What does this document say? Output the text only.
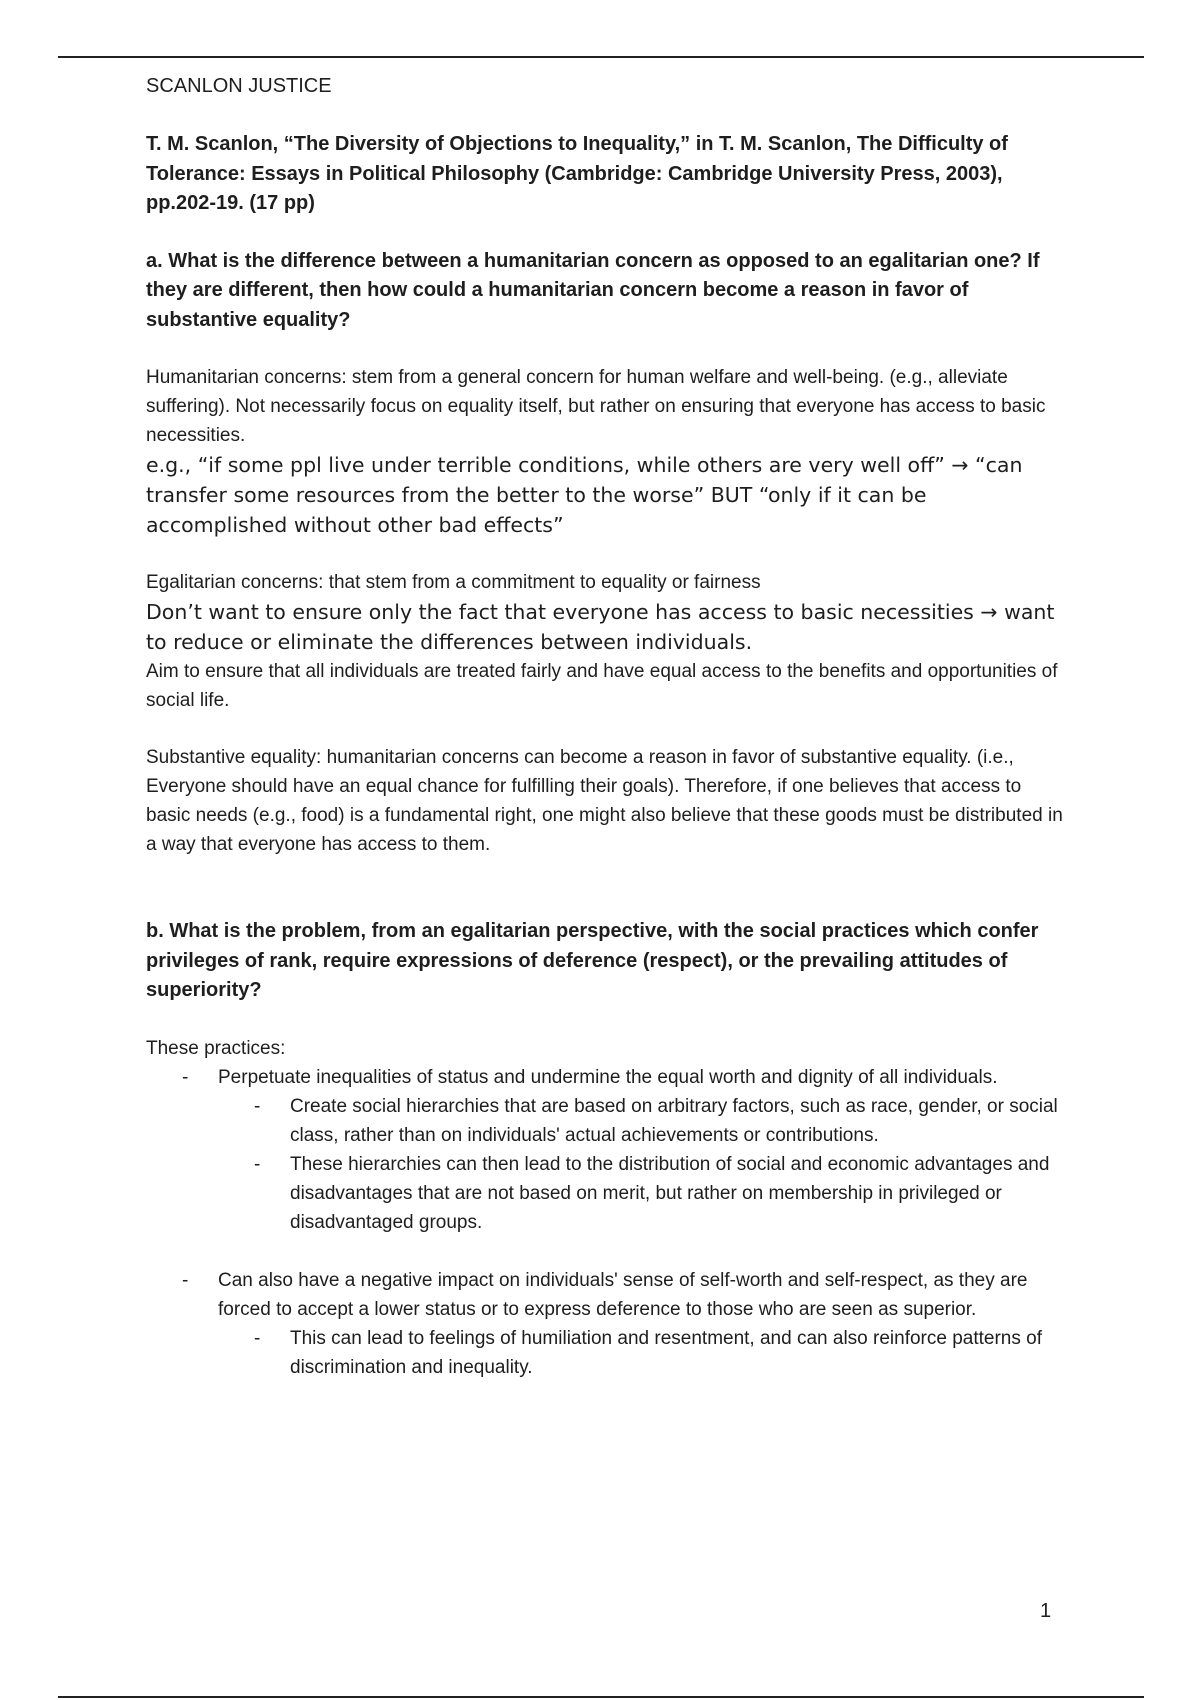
SCANLON JUSTICE
T. M. Scanlon, “The Diversity of Objections to Inequality,” in T. M. Scanlon, The Difficulty of Tolerance: Essays in Political Philosophy (Cambridge: Cambridge University Press, 2003), pp.202-19. (17 pp)
a. What is the difference between a humanitarian concern as opposed to an egalitarian one? If they are different, then how could a humanitarian concern become a reason in favor of substantive equality?

Humanitarian concerns: stem from a general concern for human welfare and well-being. (e.g., alleviate suffering). Not necessarily focus on equality itself, but rather on ensuring that everyone has access to basic necessities.

e.g., “if some ppl live under terrible conditions, while others are very well off” → “can transfer some resources from the better to the worse” BUT “only if it can be accomplished without other bad effects”

Egalitarian concerns: that stem from a commitment to equality or fairness

Don’t want to ensure only the fact that everyone has access to basic necessities → want to reduce or eliminate the differences between individuals.

Aim to ensure that all individuals are treated fairly and have equal access to the benefits and opportunities of social life.

Substantive equality: humanitarian concerns can become a reason in favor of substantive equality. (i.e., Everyone should have an equal chance for fulfilling their goals). Therefore, if one believes that access to basic needs (e.g., food) is a fundamental right, one might also believe that these goods must be distributed in a way that everyone has access to them.

b. What is the problem, from an egalitarian perspective, with the social practices which confer privileges of rank, require expressions of deference (respect), or the prevailing attitudes of superiority?

These practices:

- Perpetuate inequalities of status and undermine the equal worth and dignity of all individuals.
- Create social hierarchies that are based on arbitrary factors, such as race, gender, or social class, rather than on individuals' actual achievements or contributions.
- These hierarchies can then lead to the distribution of social and economic advantages and disadvantages that are not based on merit, but rather on membership in privileged or disadvantaged groups.
- Can also have a negative impact on individuals' sense of self-worth and self-respect, as they are forced to accept a lower status or to express deference to those who are seen as superior.
- This can lead to feelings of humiliation and resentment, and can also reinforce patterns of discrimination and inequality.
1
